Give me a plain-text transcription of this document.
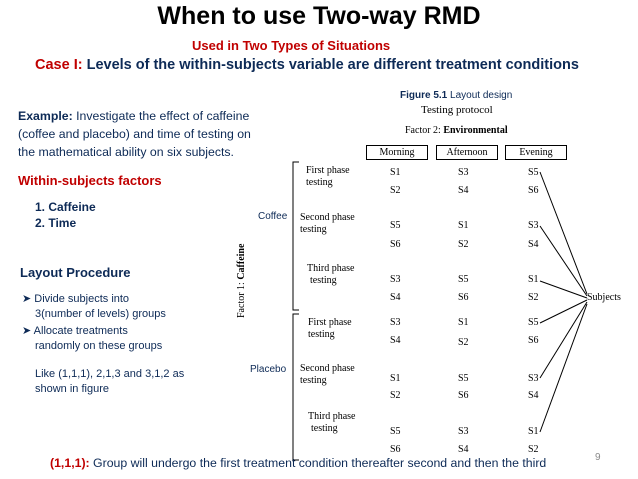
When to use Two-way RMD
Used in Two Types of Situations
Case I: Levels of the within-subjects variable are different treatment conditions
Example: Investigate the effect of caffeine
(coffee and placebo) and time of testing on
the mathematical ability on six subjects.
Within-subjects factors
1. Caffeine
2. Time
Layout Procedure
➤ Divide subjects into
3(number of levels) groups
➤ Allocate treatments
randomly on these groups
Like (1,1,1), 2,1,3 and 3,1,2 as
shown in figure
Figure 5.1 Layout design
Testing protocol
Factor 2: Environmental
Morning	Afternoon	Evening
Factor 1: Caffeine
Coffee
Placebo
First phase
testing
Second phase
testing
Third phase
testing
First phase
testing
Second phase
testing
Third phase
testing
S1	S3	S5
S2	S4	S6
S5	S1	S3
S6	S2	S4
S3	S5	S1
S4	S6	S2
S3	S1	S5
S4	S2	S6
S1	S5	S3
S2	S6	S4
S5	S3	S1
S6	S4	S2
Subjects
(1,1,1): Group will undergo the first treatment condition thereafter second and then the third	9
